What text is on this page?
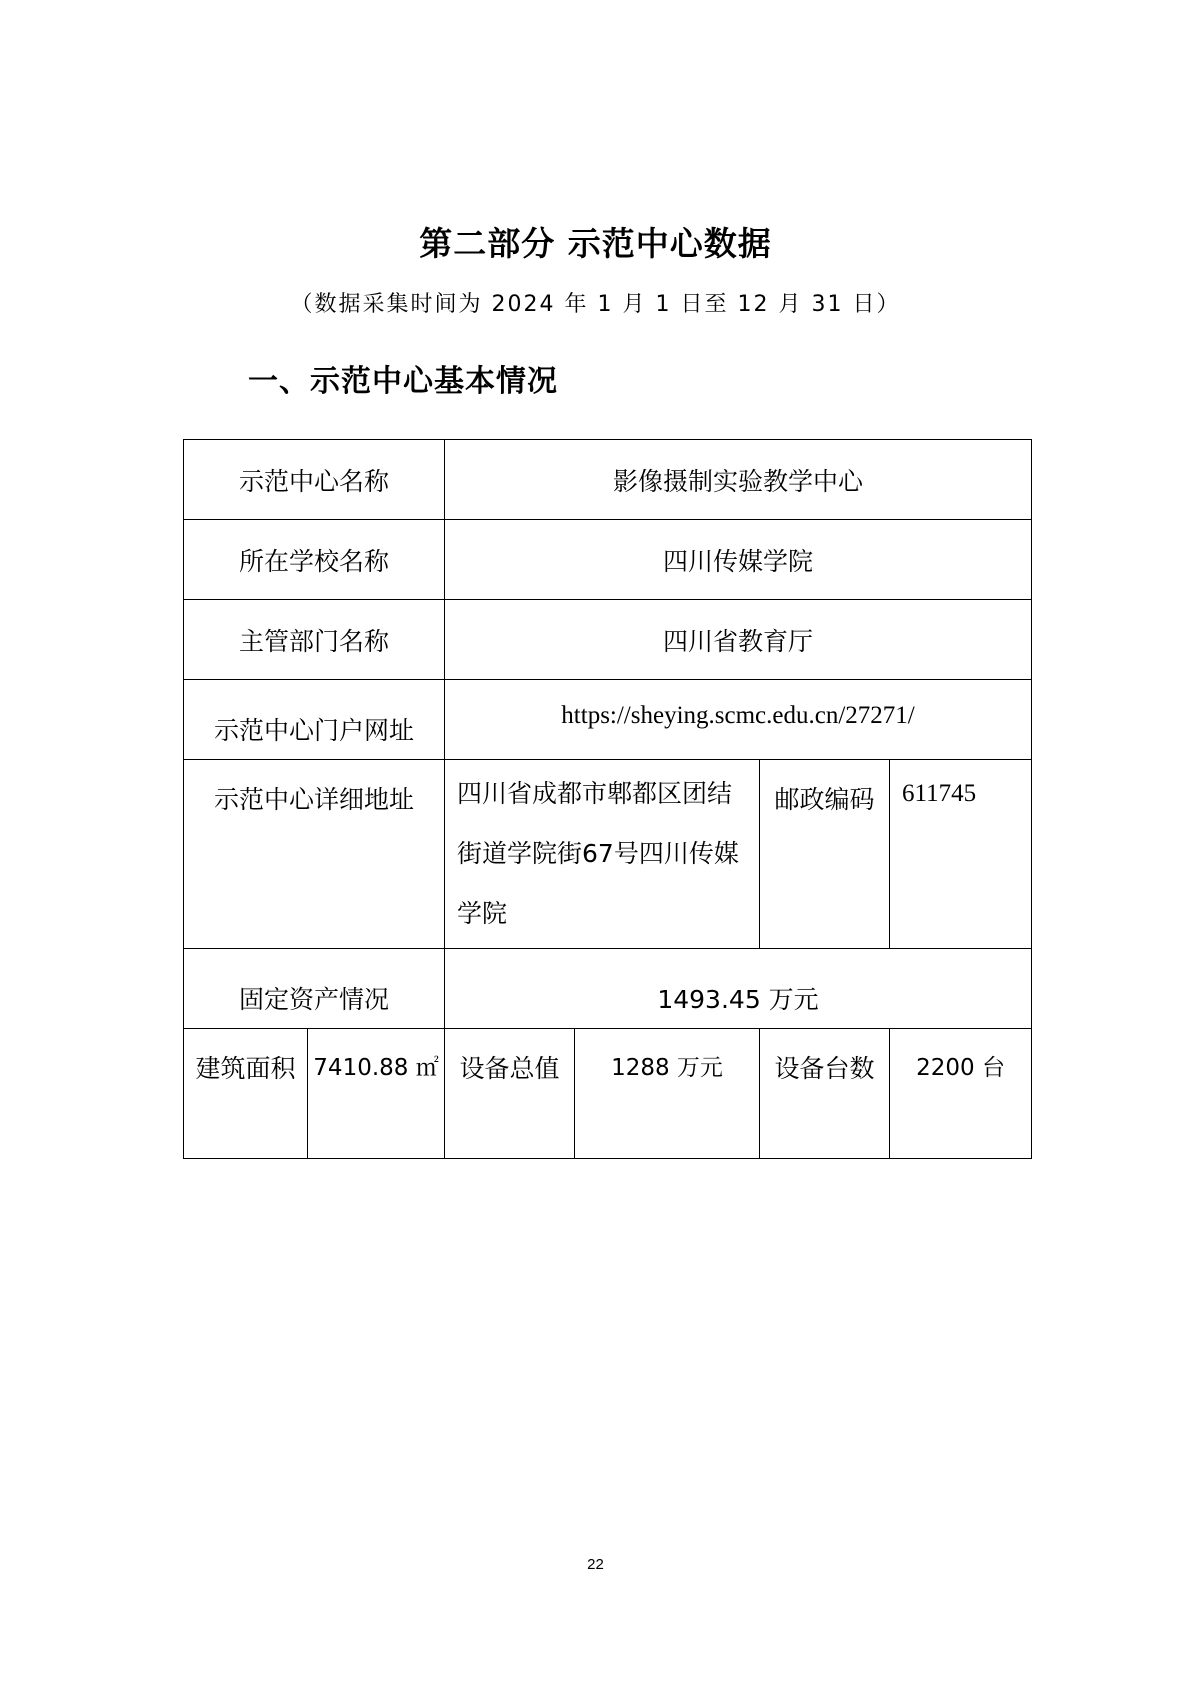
第二部分 示范中心数据
（数据采集时间为 2024 年 1 月 1 日至 12 月 31 日）
一、示范中心基本情况
示范中心名称		影像摄制实验教学中心			
所在学校名称		四川传媒学院			
主管部门名称		四川省教育厅			
示范中心门户网址		https://sheying.scmc.edu.cn/27271/			
示范中心详细地址		四川省成都市郫都区团结街道学院街67号四川传媒学院		邮政编码	611745
固定资产情况		1493.45 万元			
建筑面积	7410.88 ㎡	设备总值	1288 万元	设备台数	2200 台
22
